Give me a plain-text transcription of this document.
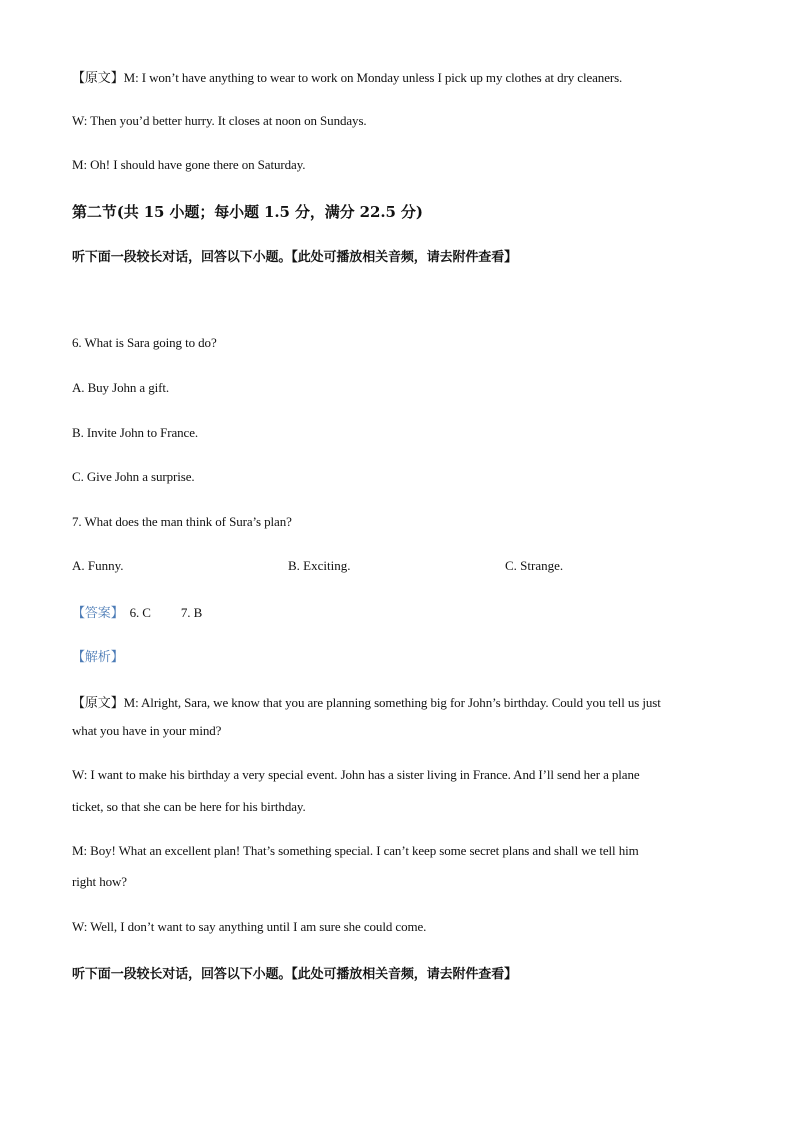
【原文】M: I won’t have anything to wear to work on Monday unless I pick up my clothes at dry cleaners.
W: Then you’d better hurry. It closes at noon on Sundays.
M: Oh! I should have gone there on Saturday.
第二节(共 15 小题；每小题 1.5 分，满分 22.5 分)
听下面一段较长对话，回答以下小题。【此处可播放相关音频，请去附件查看】
6. What is Sara going to do?
A. Buy John a gift.
B. Invite John to France.
C. Give John a surprise.
7. What does the man think of Sura’s plan?
A. Funny.	B. Exciting.	C. Strange.
【答案】 6. C 7. B
【解析】
【原文】M: Alright, Sara, we know that you are planning something big for John’s birthday. Could you tell us just
what you have in your mind?
W: I want to make his birthday a very special event. John has a sister living in France. And I’ll send her a plane
ticket, so that she can be here for his birthday.
M: Boy! What an excellent plan! That’s something special. I can’t keep some secret plans and shall we tell him
right how?
W: Well, I don’t want to say anything until I am sure she could come.
听下面一段较长对话，回答以下小题。【此处可播放相关音频，请去附件查看】
